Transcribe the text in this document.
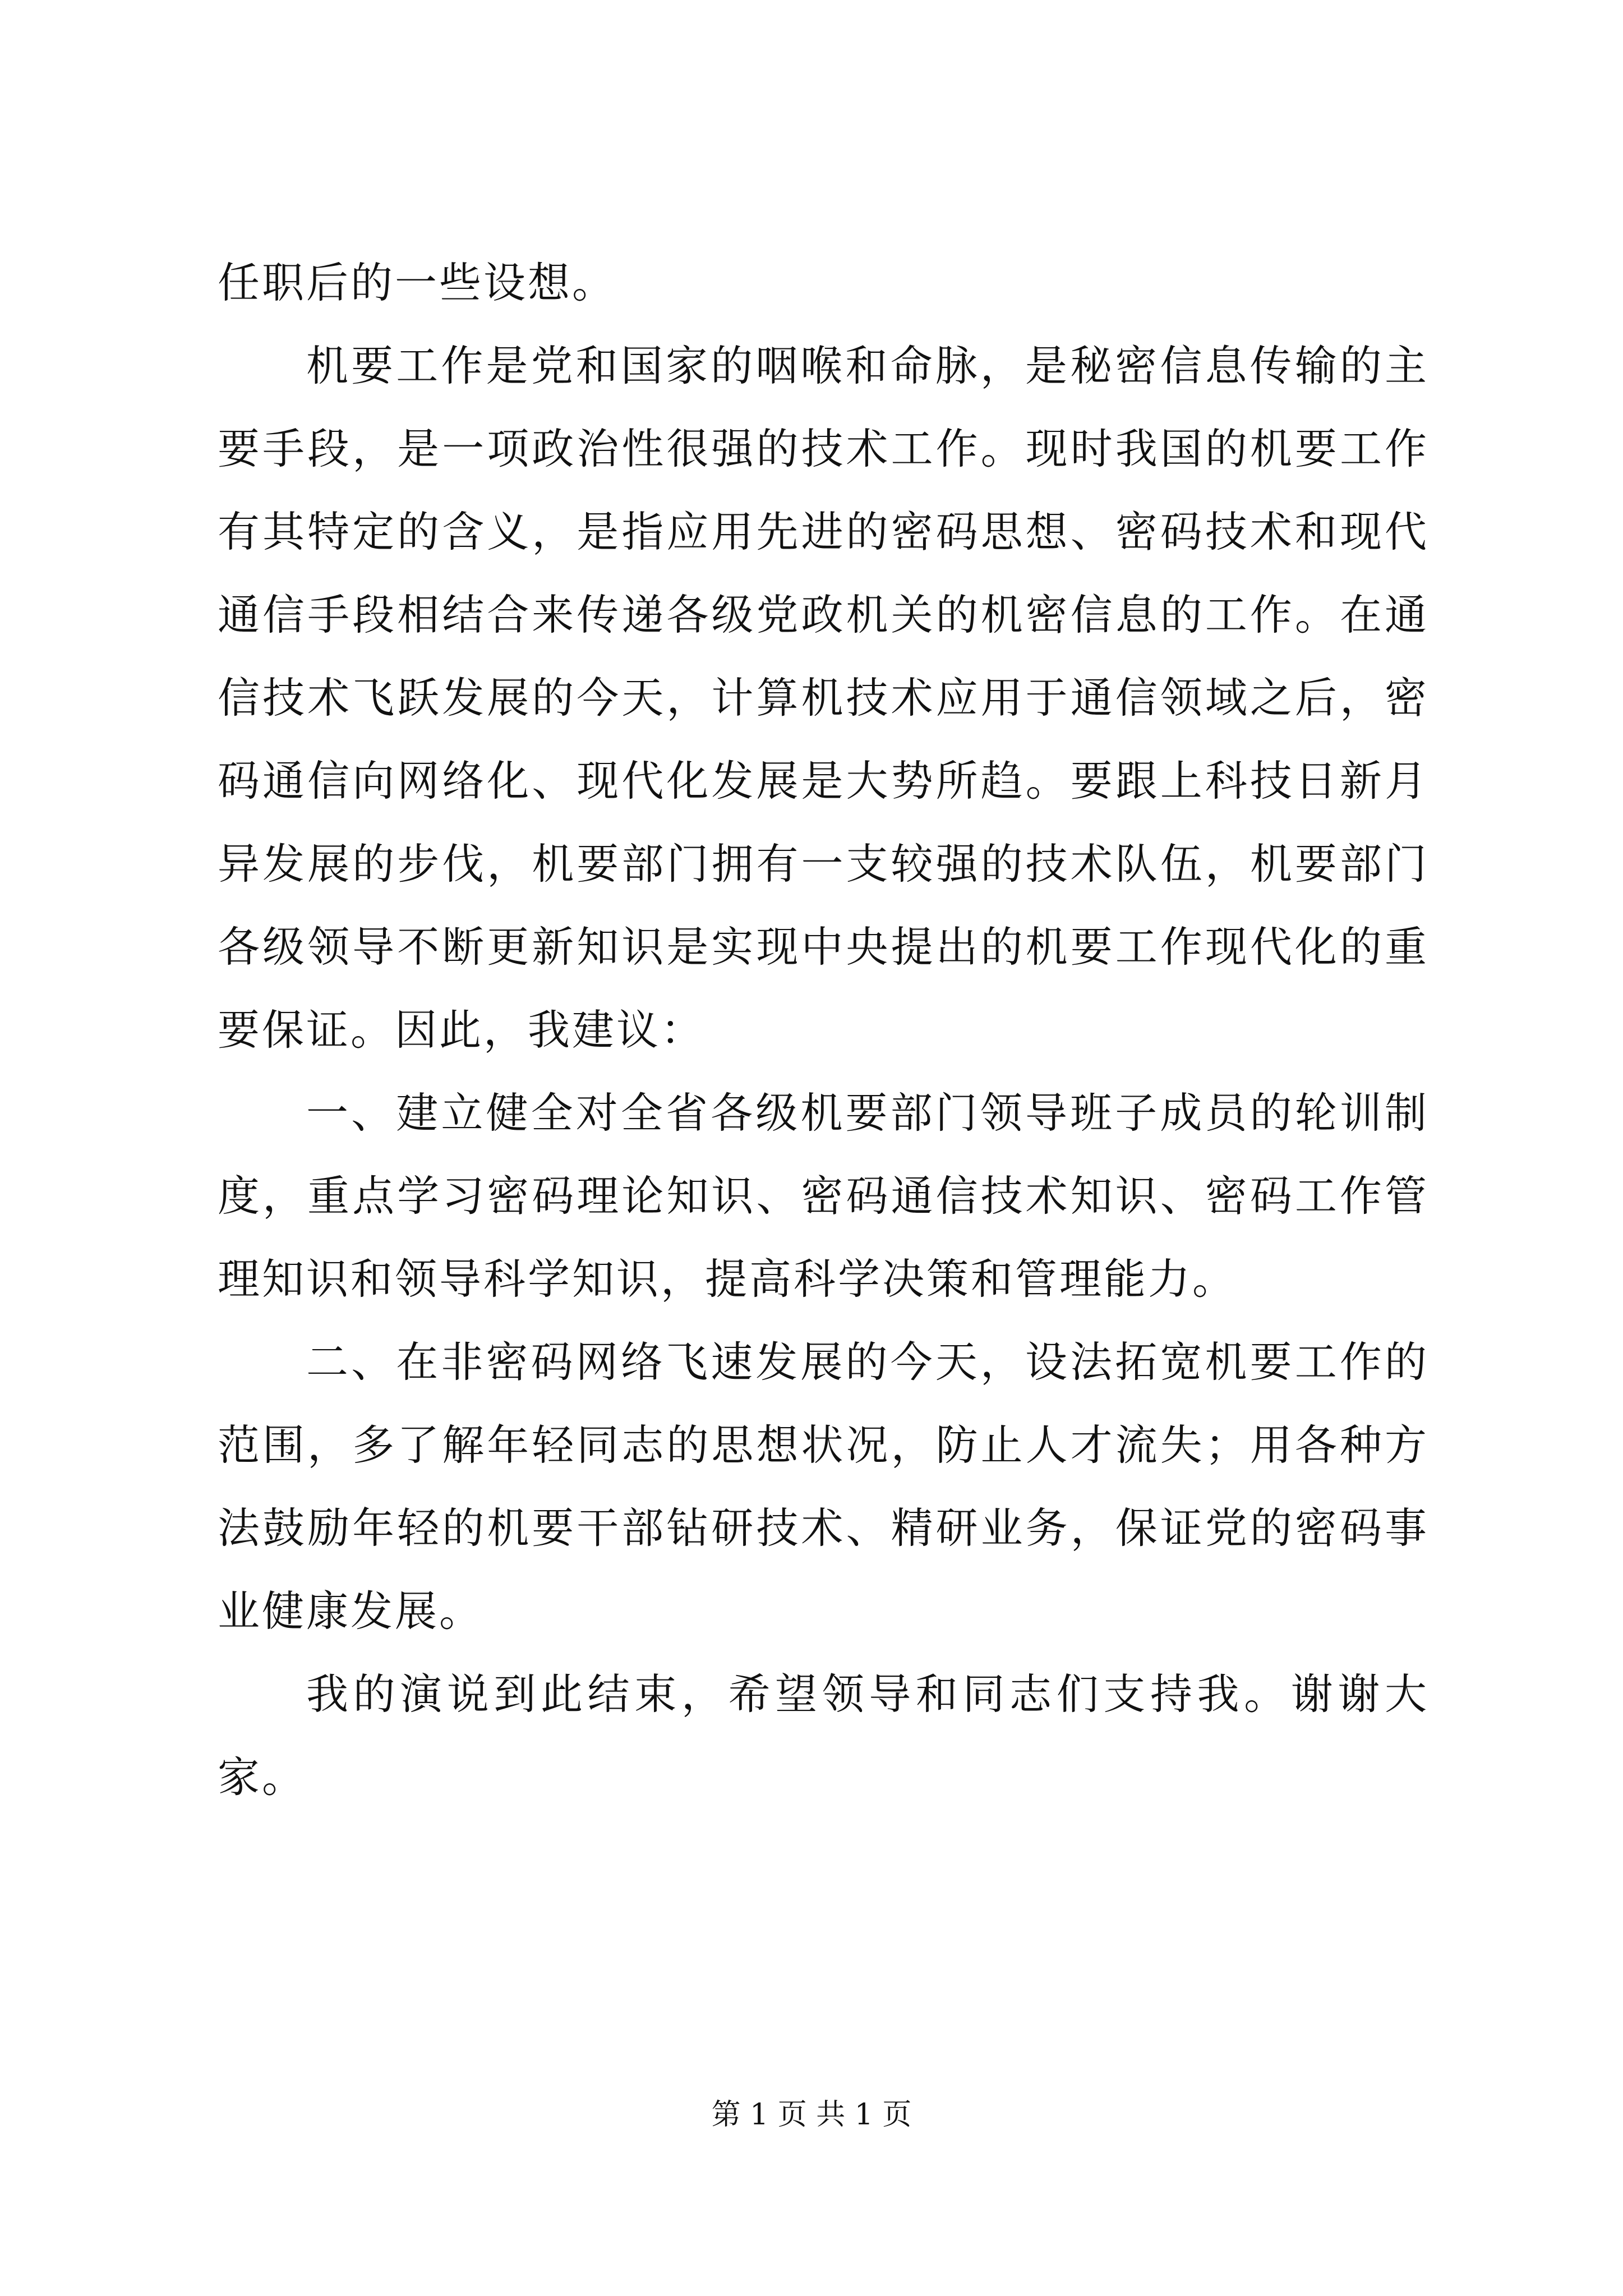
任职后的一些设想。

机要工作是党和国家的咽喉和命脉，是秘密信息传输的主要手段，是一项政治性很强的技术工作。现时我国的机要工作有其特定的含义，是指应用先进的密码思想、密码技术和现代通信手段相结合来传递各级党政机关的机密信息的工作。在通信技术飞跃发展的今天，计算机技术应用于通信领域之后，密码通信向网络化、现代化发展是大势所趋。要跟上科技日新月异发展的步伐，机要部门拥有一支较强的技术队伍，机要部门各级领导不断更新知识是实现中央提出的机要工作现代化的重要保证。因此，我建议：

一、建立健全对全省各级机要部门领导班子成员的轮训制度，重点学习密码理论知识、密码通信技术知识、密码工作管理知识和领导科学知识，提高科学决策和管理能力。

二、在非密码网络飞速发展的今天，设法拓宽机要工作的范围，多了解年轻同志的思想状况，防止人才流失；用各种方法鼓励年轻的机要干部钻研技术、精研业务，保证党的密码事业健康发展。

我的演说到此结束，希望领导和同志们支持我。谢谢大家。

第 1 页 共 1 页
